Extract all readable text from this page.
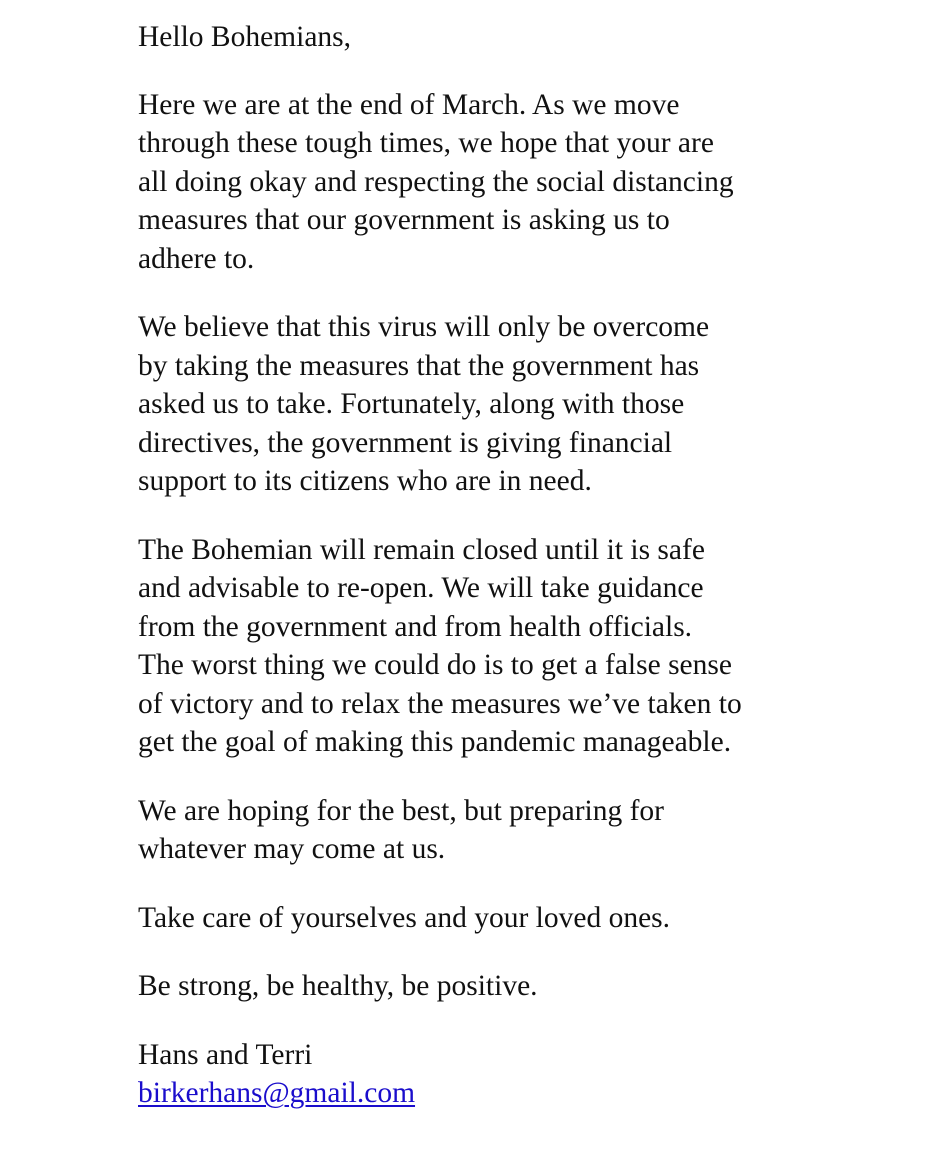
Hello Bohemians,

Here we are at the end of March. As we move
through these tough times, we hope that your are
all doing okay and respecting the social distancing
measures that our government is asking us to
adhere to.

We believe that this virus will only be overcome
by taking the measures that the government has
asked us to take. Fortunately, along with those
directives, the government is giving financial
support to its citizens who are in need.

The Bohemian will remain closed until it is safe
and advisable to re-open. We will take guidance
from the government and from health officials.
The worst thing we could do is to get a false sense
of victory and to relax the measures we’ve taken to
get the goal of making this pandemic manageable.

We are hoping for the best, but preparing for
whatever may come at us.

Take care of yourselves and your loved ones.

Be strong, be healthy, be positive.

Hans and Terri
birkerhans@gmail.com
